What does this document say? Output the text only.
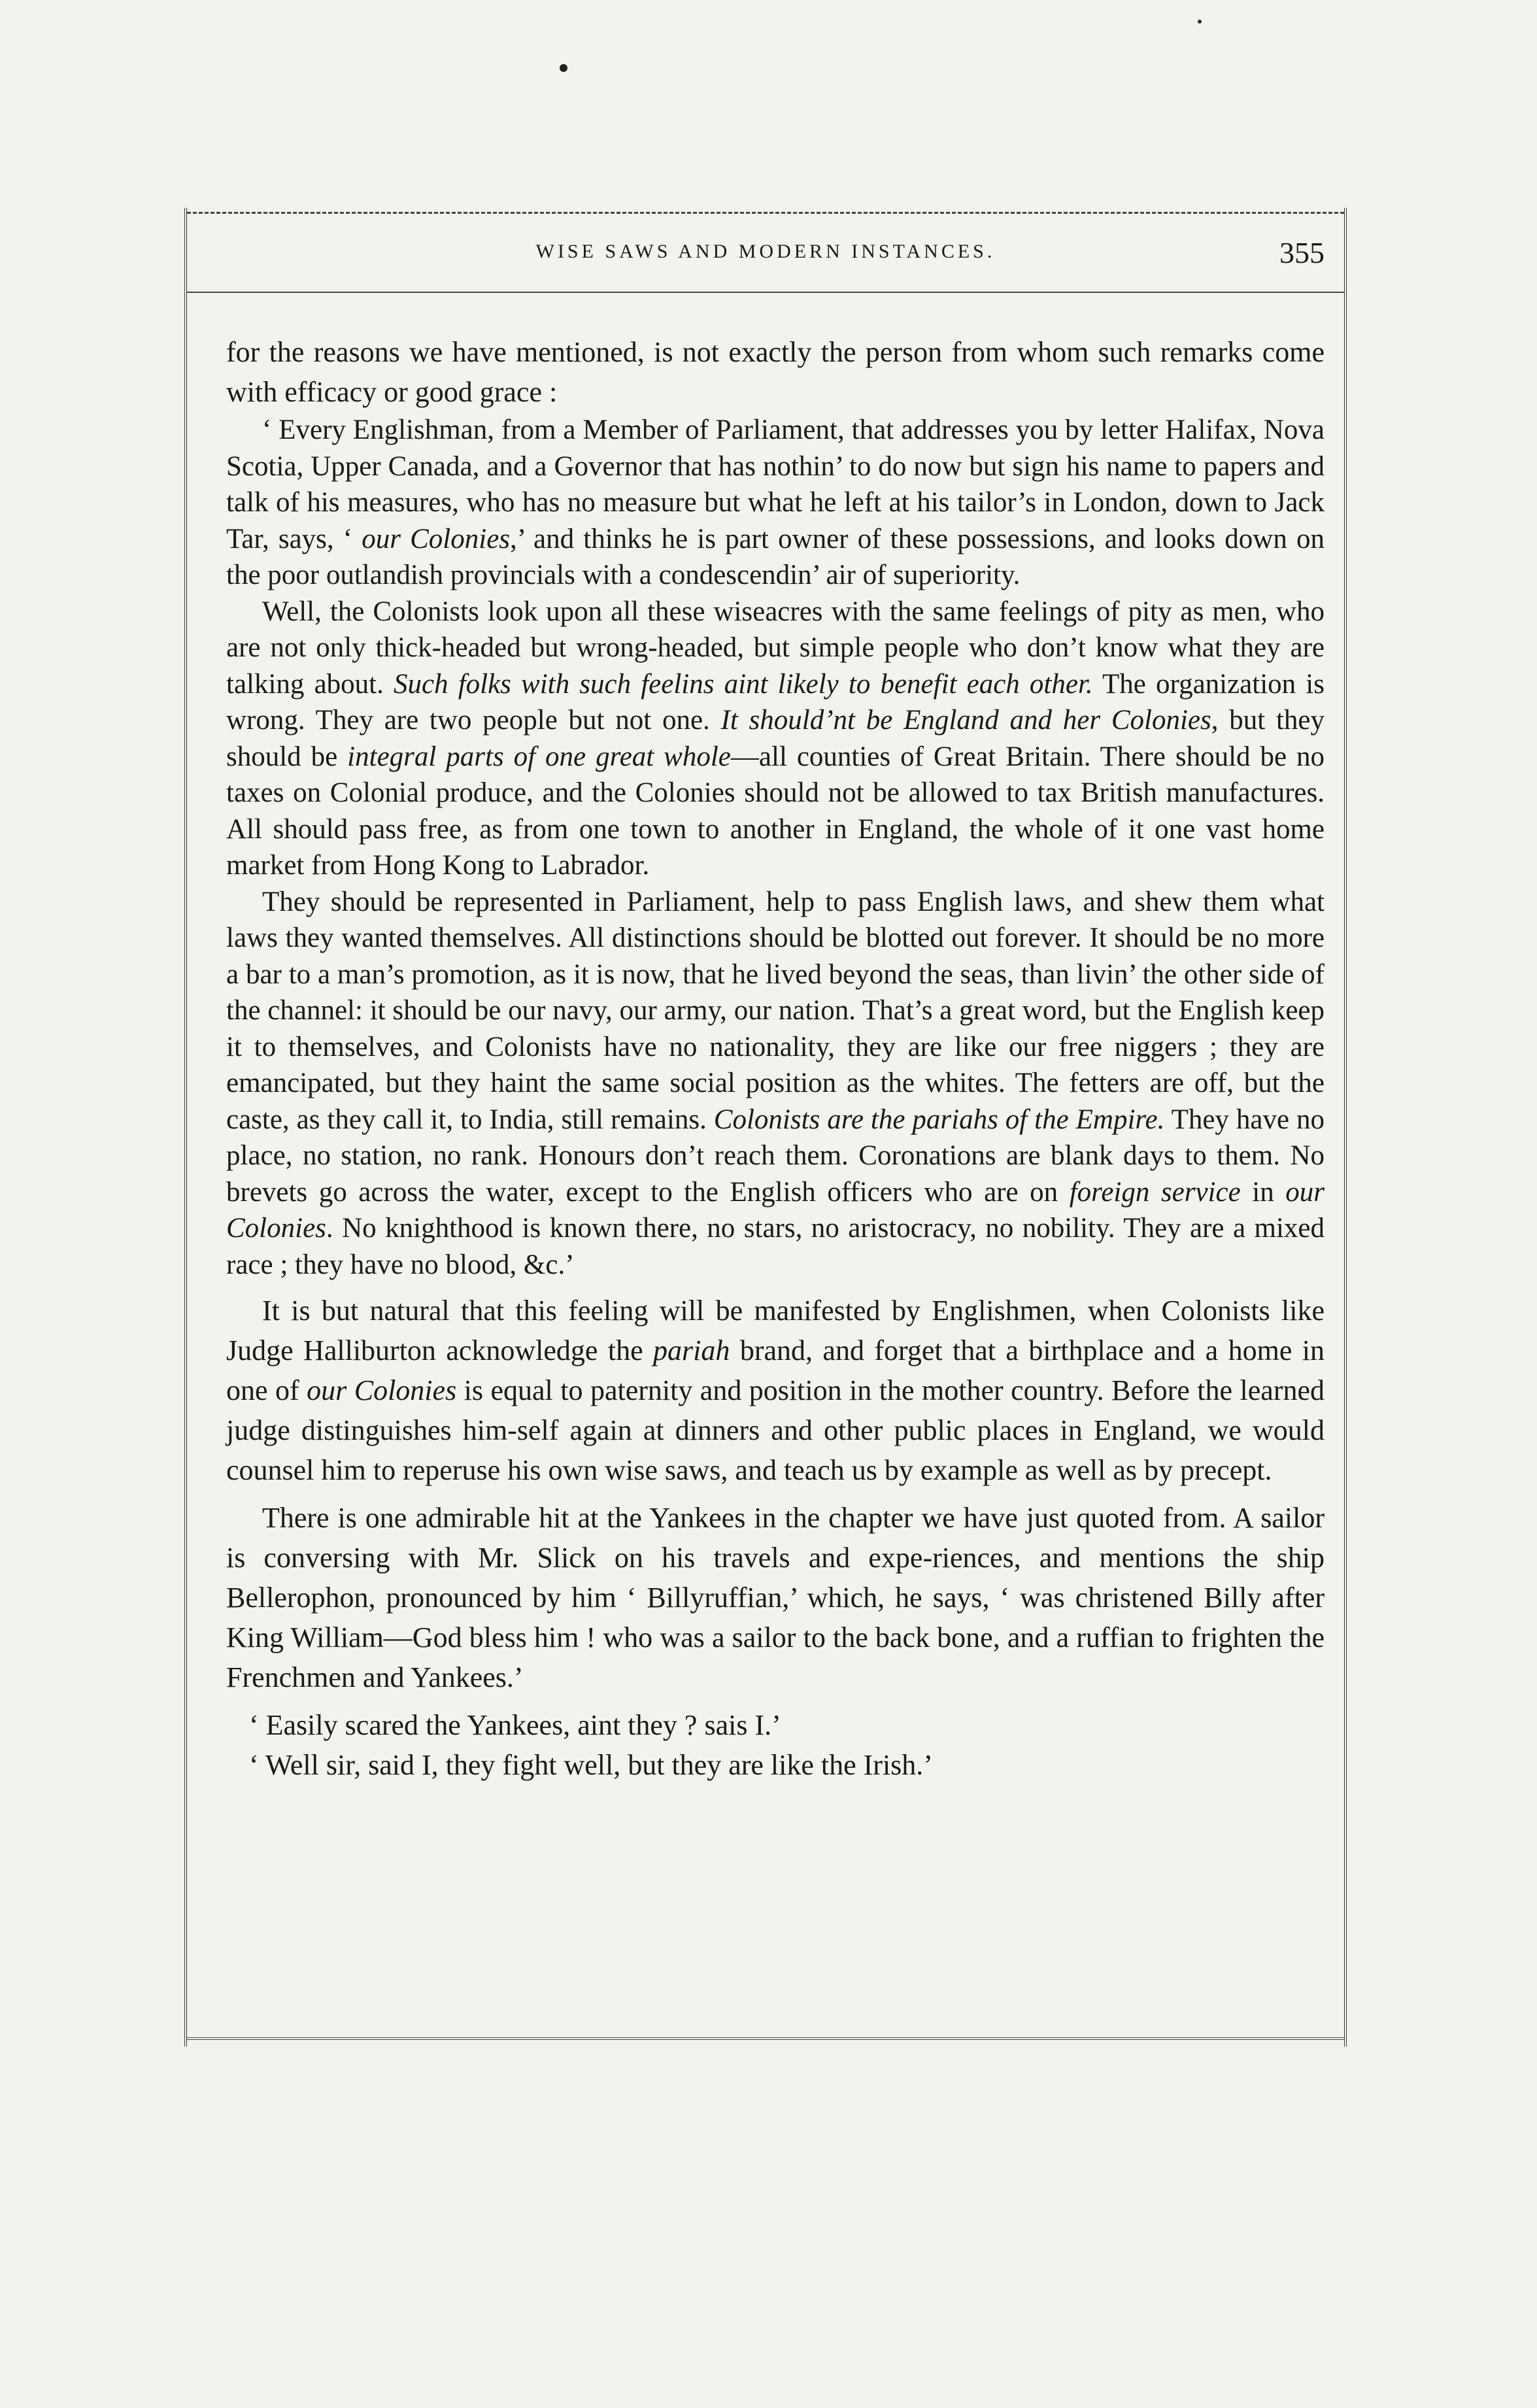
WISE SAWS AND MODERN INSTANCES.	355

for the reasons we have mentioned, is not exactly the person from whom such remarks come with efficacy or good grace :

‘ Every Englishman, from a Member of Parliament, that addresses you by letter Halifax, Nova Scotia, Upper Canada, and a Governor that has nothin’ to do now but sign his name to papers and talk of his measures, who has no measure but what he left at his tailor’s in London, down to Jack Tar, says, ‘ our Colonies,’ and thinks he is part owner of these possessions, and looks down on the poor outlandish provincials with a condescendin’ air of superiority.

Well, the Colonists look upon all these wiseacres with the same feelings of pity as men, who are not only thick-headed but wrong-headed, but simple people who don’t know what they are talking about. Such folks with such feelins aint likely to benefit each other. The organization is wrong. They are two people but not one. It should’nt be England and her Colonies, but they should be integral parts of one great whole—all counties of Great Britain. There should be no taxes on Colonial produce, and the Colonies should not be allowed to tax British manufactures. All should pass free, as from one town to another in England, the whole of it one vast home market from Hong Kong to Labrador.

They should be represented in Parliament, help to pass English laws, and shew them what laws they wanted themselves. All distinctions should be blotted out forever. It should be no more a bar to a man’s promotion, as it is now, that he lived beyond the seas, than livin’ the other side of the channel: it should be our navy, our army, our nation. That’s a great word, but the English keep it to themselves, and Colonists have no nationality, they are like our free niggers ; they are emancipated, but they haint the same social position as the whites. The fetters are off, but the caste, as they call it, to India, still remains. Colonists are the pariahs of the Empire. They have no place, no station, no rank. Honours don’t reach them. Coronations are blank days to them. No brevets go across the water, except to the English officers who are on foreign service in our Colonies. No knighthood is known there, no stars, no aristocracy, no nobility. They are a mixed race ; they have no blood, &c.’

It is but natural that this feeling will be manifested by Englishmen, when Colonists like Judge Halliburton acknowledge the pariah brand, and forget that a birthplace and a home in one of our Colonies is equal to paternity and position in the mother country. Before the learned judge distinguishes him-self again at dinners and other public places in England, we would counsel him to reperuse his own wise saws, and teach us by example as well as by precept.

There is one admirable hit at the Yankees in the chapter we have just quoted from. A sailor is conversing with Mr. Slick on his travels and expe-riences, and mentions the ship Bellerophon, pronounced by him ‘ Billyruffian,’ which, he says, ‘ was christened Billy after King William—God bless him ! who was a sailor to the back bone, and a ruffian to frighten the Frenchmen and Yankees.’

‘ Easily scared the Yankees, aint they ? sais I.’

‘ Well sir, said I, they fight well, but they are like the Irish.’
